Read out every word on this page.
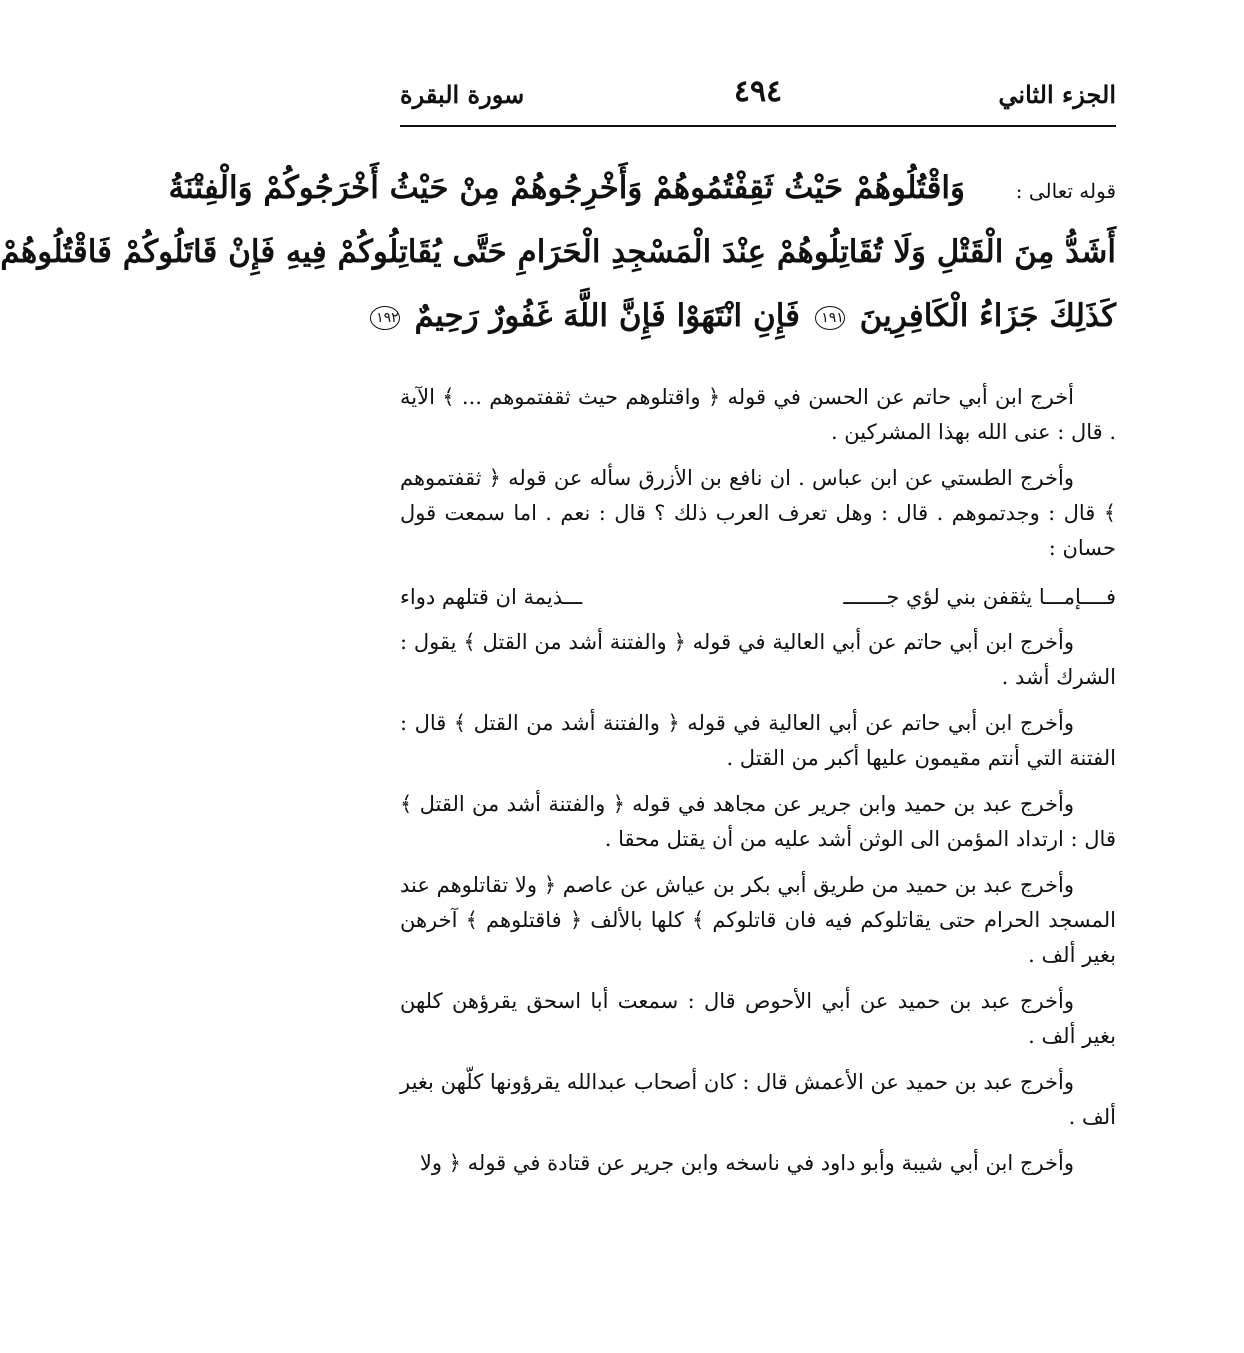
الجزء الثاني
٤٩٤
سورة البقرة
قوله تعالى : وَاقْتُلُوهُمْ حَيْثُ ثَقِفْتُمُوهُمْ وَأَخْرِجُوهُمْ مِنْ حَيْثُ أَخْرَجُوكُمْ وَالْفِتْنَةُ
أَشَدُّ مِنَ الْقَتْلِ وَلَا تُقَاتِلُوهُمْ عِنْدَ الْمَسْجِدِ الْحَرَامِ حَتَّى يُقَاتِلُوكُمْ فِيهِ فَإِنْ قَاتَلُوكُمْ فَاقْتُلُوهُمْ
كَذَلِكَ جَزَاءُ الْكَافِرِينَ ١٩١ فَإِنِ انْتَهَوْا فَإِنَّ اللَّهَ غَفُورٌ رَحِيمٌ ١٩٢

أخرج ابن أبي حاتم عن الحسن في قوله ﴿ واقتلوهم حيث ثقفتموهم ... ﴾ الآية . قال : عنى الله بهذا المشركين .

وأخرج الطستي عن ابن عباس . ان نافع بن الأزرق سأله عن قوله ﴿ ثقفتموهم ﴾ قال : وجدتموهم . قال : وهل تعرف العرب ذلك ؟ قال : نعم . اما سمعت قول حسان :

فــــإمـــا يثقفن بني لؤي جـــــــ
ـــذيمة ان قتلهم دواء

وأخرج ابن أبي حاتم عن أبي العالية في قوله ﴿ والفتنة أشد من القتل ﴾ يقول : الشرك أشد .

وأخرج ابن أبي حاتم عن أبي العالية في قوله ﴿ والفتنة أشد من القتل ﴾ قال : الفتنة التي أنتم مقيمون عليها أكبر من القتل .

وأخرج عبد بن حميد وابن جرير عن مجاهد في قوله ﴿ والفتنة أشد من القتل ﴾ قال : ارتداد المؤمن الى الوثن أشد عليه من أن يقتل محقا .

وأخرج عبد بن حميد من طريق أبي بكر بن عياش عن عاصم ﴿ ولا تقاتلوهم عند المسجد الحرام حتى يقاتلوكم فيه فان قاتلوكم ﴾ كلها بالألف ﴿ فاقتلوهم ﴾ آخرهن بغير ألف .

وأخرج عبد بن حميد عن أبي الأحوص قال : سمعت أبا اسحق يقرؤهن كلهن بغير ألف .

وأخرج عبد بن حميد عن الأعمش قال : كان أصحاب عبدالله يقرؤونها كلّهن بغير ألف .

وأخرج ابن أبي شيبة وأبو داود في ناسخه وابن جرير عن قتادة في قوله ﴿ ولا
